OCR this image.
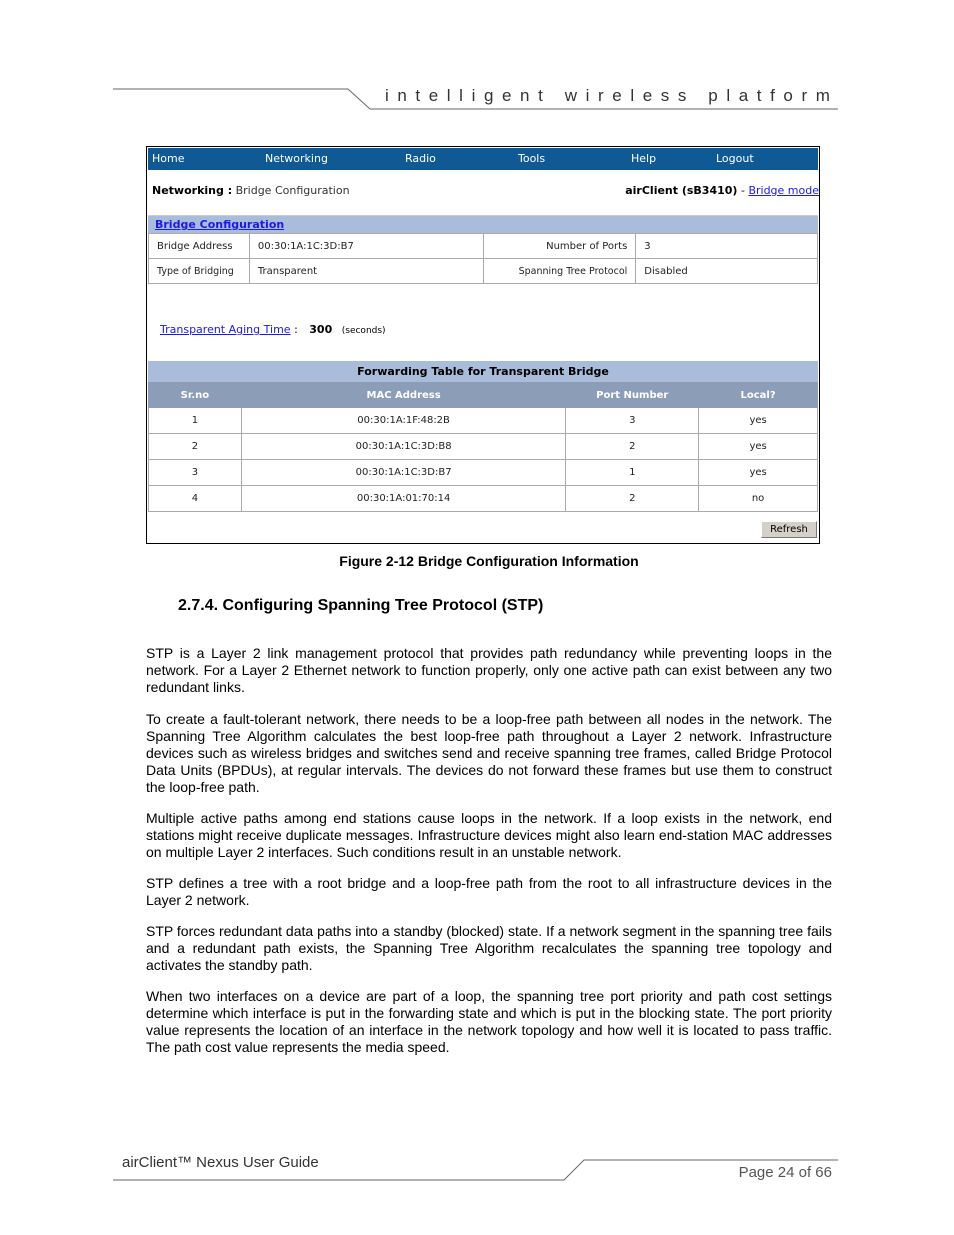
intelligent wireless platform
Home	Networking	Radio	Tools	Help	Logout
Networking : Bridge Configuration	airClient (sB3410) - Bridge mode
Bridge Configuration
Bridge Address	00:30:1A:1C:3D:B7	Number of Ports	3
Type of Bridging	Transparent	Spanning Tree Protocol	Disabled
Transparent Aging Time : 300 (seconds)
Forwarding Table for Transparent Bridge
Sr.no	MAC Address	Port Number	Local?
1	00:30:1A:1F:48:2B	3	yes
2	00:30:1A:1C:3D:B8	2	yes
3	00:30:1A:1C:3D:B7	1	yes
4	00:30:1A:01:70:14	2	no
Refresh
Figure 2-12 Bridge Configuration Information
2.7.4. Configuring Spanning Tree Protocol (STP)

STP is a Layer 2 link management protocol that provides path redundancy while preventing loops in the network. For a Layer 2 Ethernet network to function properly, only one active path can exist between any two redundant links.

To create a fault-tolerant network, there needs to be a loop-free path between all nodes in the network. The Spanning Tree Algorithm calculates the best loop-free path throughout a Layer 2 network. Infrastructure devices such as wireless bridges and switches send and receive spanning tree frames, called Bridge Protocol Data Units (BPDUs), at regular intervals. The devices do not forward these frames but use them to construct the loop-free path.

Multiple active paths among end stations cause loops in the network. If a loop exists in the network, end stations might receive duplicate messages. Infrastructure devices might also learn end-station MAC addresses on multiple Layer 2 interfaces. Such conditions result in an unstable network.

STP defines a tree with a root bridge and a loop-free path from the root to all infrastructure devices in the Layer 2 network.

STP forces redundant data paths into a standby (blocked) state. If a network segment in the spanning tree fails and a redundant path exists, the Spanning Tree Algorithm recalculates the spanning tree topology and activates the standby path.

When two interfaces on a device are part of a loop, the spanning tree port priority and path cost settings determine which interface is put in the forwarding state and which is put in the blocking state. The port priority value represents the location of an interface in the network topology and how well it is located to pass traffic. The path cost value represents the media speed.

airClient™ Nexus User Guide
Page 24 of 66
